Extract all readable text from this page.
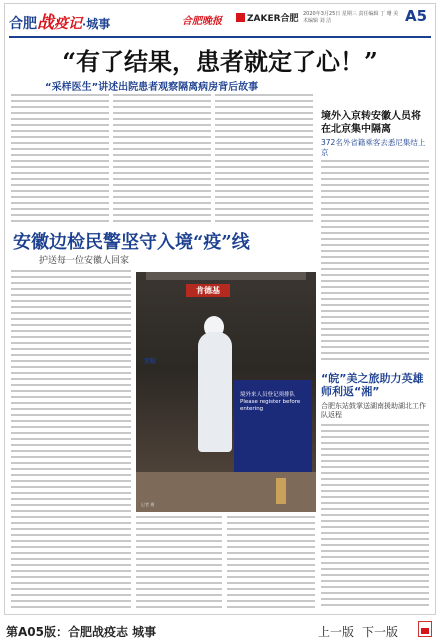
合肥战疫记·城事	合肥晚报	ZAKER合肥 2020年3月25日 星期三 责任编辑 丁 珊 美术编辑 刘 洁	A5
“有了结果，患者就定了心！”
“采样医生”讲述出院患者观察隔离病房背后故事
境外入京转安徽人员将在北京集中隔离
372名外省籍乘客去悉尼集结上京
安徽边检民警坚守入境“疫”线
护送每一位安徽人回家
肯德基
安检
境外来人员登记须排队 Please register before entering
记者 摄
“皖”美之旅助力英雄师利返“湘”
合肥东站鼓掌送湖南援助湖北工作队返程
第A05版：合肥战疫志 城事	上一版 下一版
